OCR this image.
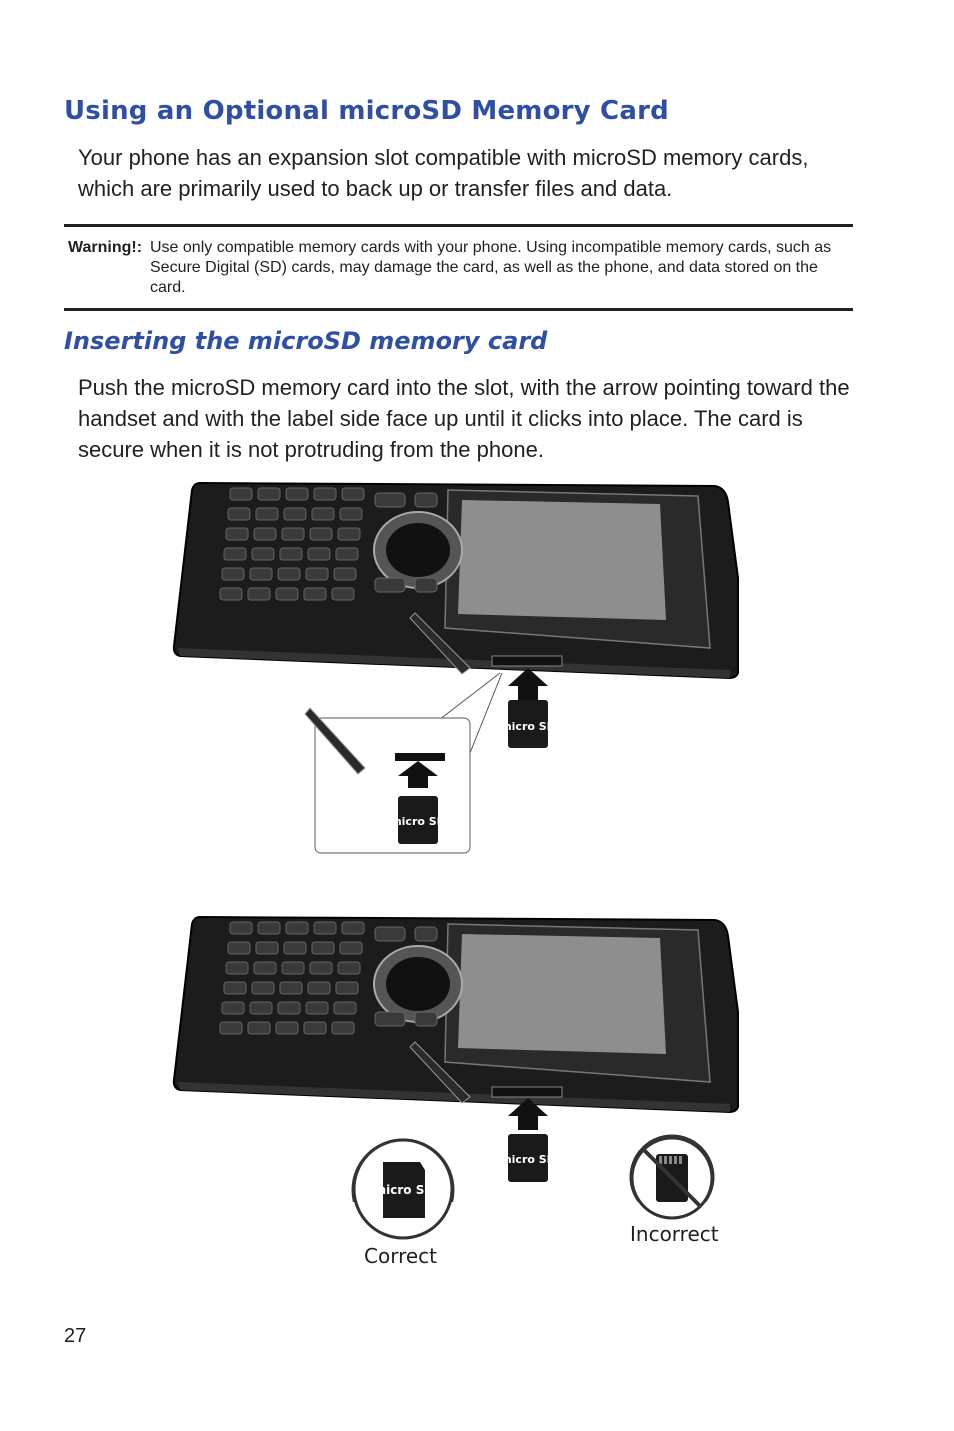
Using an Optional microSD Memory Card
Your phone has an expansion slot compatible with microSD memory cards, which are primarily used to back up or transfer files and data.
Warning!: Use only compatible memory cards with your phone. Using incompatible memory cards, such as Secure Digital (SD) cards, may damage the card, as well as the phone, and data stored on the card.
Inserting the microSD memory card
Push the microSD memory card into the slot, with the arrow pointing toward the handset and with the label side face up until it clicks into place. The card is secure when it is not protruding from the phone.
micro SD
micro SD
micro SD
micro SD
Correct
Incorrect
27
